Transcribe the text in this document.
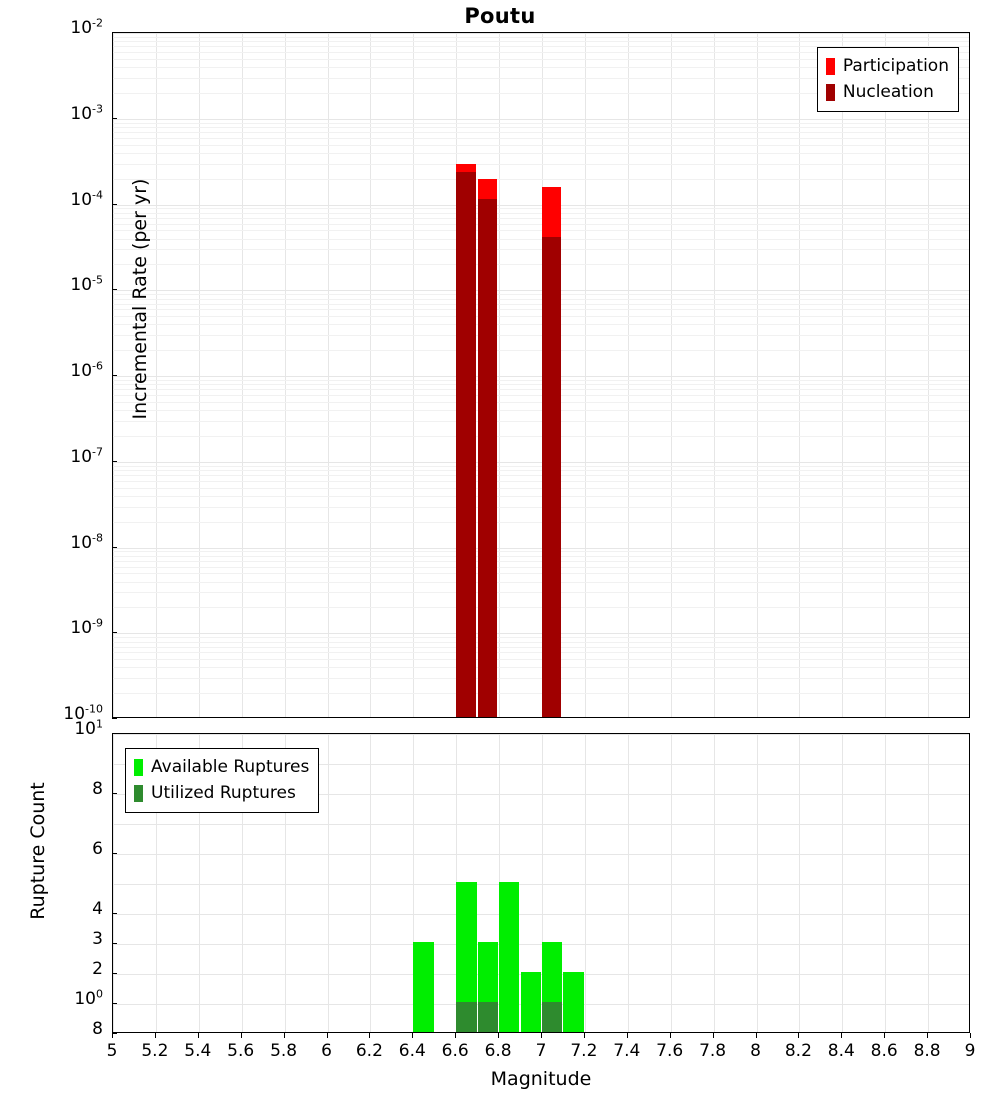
Poutu
Participation
Nucleation
$10^{-10}$
$10^{-9}$
$10^{-8}$
$10^{-7}$
$10^{-6}$
$10^{-5}$
$10^{-4}$
$10^{-3}$
$10^{-2}$
Incremental Rate (per yr)
Available Ruptures
Utilized Ruptures
8
$10^0$
2
3
4
6
8
$10^1$
Rupture Count
5	5.2 5.4 5.6 5.8	6	6.2 6.4 6.6 6.8	7	7.2 7.4 7.6 7.8	8	8.2 8.4 8.6 8.8	9
Magnitude
